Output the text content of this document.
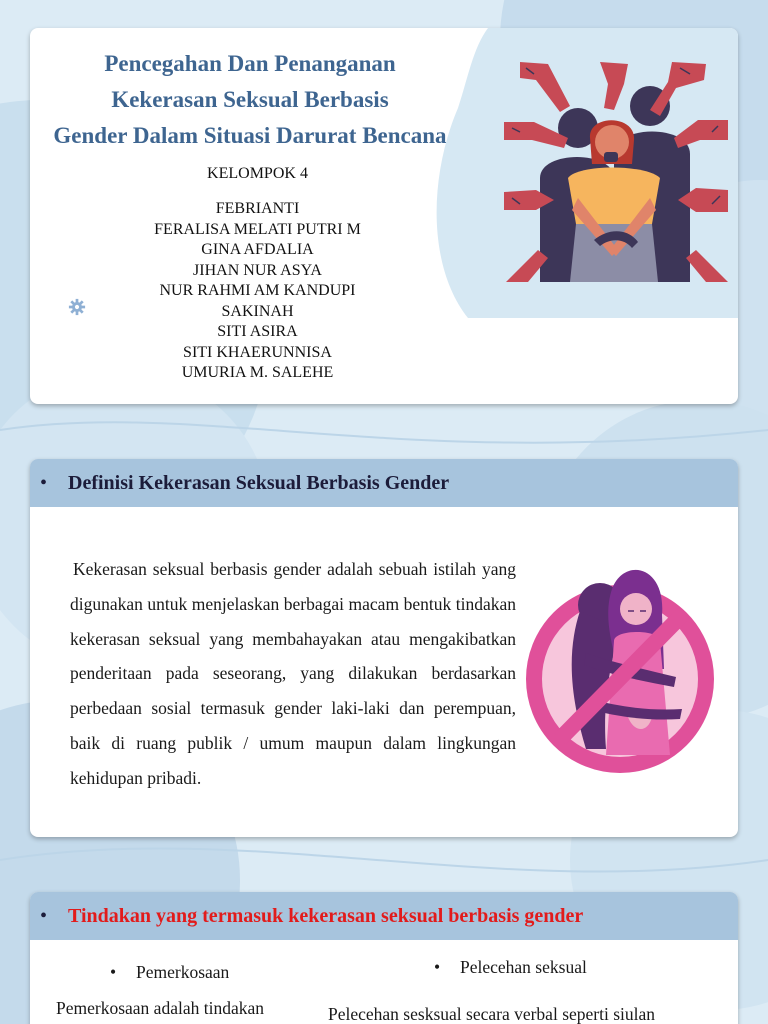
Pencegahan Dan Penanganan
Kekerasan Seksual Berbasis
Gender Dalam Situasi Darurat Bencana
KELOMPOK 4
FEBRIANTI
FERALISA MELATI PUTRI M
GINA AFDALIA
JIHAN NUR ASYA
NUR RAHMI AM KANDUPI
SAKINAH
SITI ASIRA
SITI KHAERUNNISA
UMURIA M. SALEHE
•	Definisi Kekerasan Seksual Berbasis Gender
Kekerasan seksual berbasis gender adalah sebuah istilah yang digunakan untuk menjelaskan berbagai macam bentuk tindakan kekerasan seksual yang membahayakan atau mengakibatkan penderitaan pada seseorang, yang dilakukan berdasarkan perbedaan sosial termasuk gender laki-laki dan perempuan, baik di ruang publik / umum maupun dalam lingkungan kehidupan pribadi.
•	Tindakan yang termasuk kekerasan seksual berbasis gender
•	Pemerkosaan	•	Pelecehan seksual
Pemerkosaan adalah tindakan	Pelecehan sesksual secara verbal seperti siulan
